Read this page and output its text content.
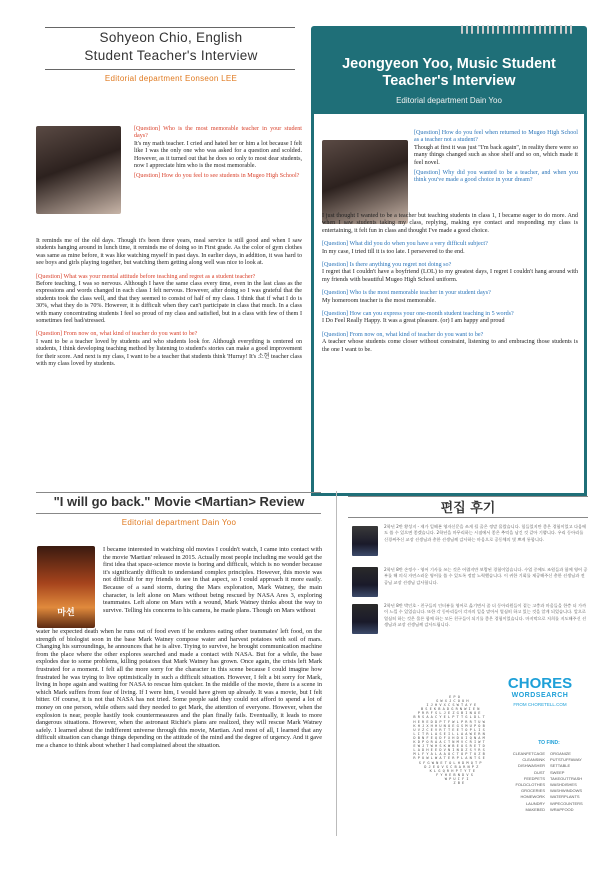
Sohyeon Chio, English
Student Teacher's Interview
Editorial department Eonseon LEE
[Question] Who is the most memorable teacher in your student days?
It's my math teacher. I cried and hated her or him a lot because I felt like I was the only one who was asked for a question and scolded. However, as it turned out that he does so only to most dear students, now I appreciate him who is the most memorable.
[Question] How do you feel to see students in Mugeo High School?
It reminds me of the old days. Though it's been three years, meal service is still good and when I saw students hanging around in lunch time, it reminds me of doing so in First grade. As the color of gym clothes was same as mine before, it was like watching myself in past days. In earlier days, in addition, it was hard to see boys and girls playing together, but watching them getting along well was nice to look at.
[Question] What was your mental attitude before teaching and regret as a student teacher?
Before teaching, I was so nervous. Although I have the same class every time, even in the last class as the expressions and words changed in each class I felt nervous. However, after doing so I was grateful that the students took the class well, and that they seemed to consist of half of my class. I think that if what I do is 30%, what they do is 70%. However, it is difficult when they can't participate in class that much. In a class with many concentrating students I feel so proud of my class and satisfied, but in a class with few of them I sometimes feel bad/stressed.
[Question] From now on, what kind of teacher do you want to be?
I want to be a teacher loved by students and who students look for. Although everything is centered on students, I think developing teaching method by listening to student's stories can make a good improvement for their score. And next is my class, I want to be a teacher that students think 'Hurray! It's 소현 teacher class with my class loved by students.
Jeongyeon Yoo, Music Student
Teacher's Interview
Editorial department Dain Yoo
[Question] How do you feel when returned to Mugeo High School as a teacher not a student?
Though at first it was just "I'm back again", in reality there were so many things changed such as shoe shelf and so on, which made it feel novel.
[Question] Why did you wanted to be a teacher, and when you think you've made a good choice in your dream?
I just thought I wanted to be a teacher but teaching students in class 1, I became eager to do more. And when I saw students taking my class, replying, making eye contact and responding my class is entertaining, it felt fun in class and thought I've made a good choice.
[Question] What did you do when you have a very difficult subject?
In my case, I tried till it is too late. I persevered to the end.
[Question] Is there anything you regret not doing so?
I regret that I couldn't have a boyfriend (LOL) to my greatest days, I regret I couldn't hang around with my friends with beautiful Mugeo High School uniform.
[Question] Who is the most memorable teacher in your student days?
My homeroom teacher is the most memorable.
[Question] How can you express your one-month student teaching in 5 words?
I Do Feel Really Happy. It was a great pleasure. (or) I am happy and proud
[Question] From now on, what kind of teacher do you want to be?
A teacher whose students come closer without constraint, listening to and embracing those students is the one I want to be.
"I will go back." Movie <Martian> Review
Editorial department Dain Yoo
마션
I became interested in watching old movies I couldn't watch, I came into contact with the movie 'Martian' released in 2015. Actually most people including me would get the first idea that space-science movie is boring and difficult, which is no wonder because it's significantly difficult to understand complex principles. However, this movie was not difficult for my friends to see in that aspect, so I could approach it more easily. Because of a sand storm, during the Mars exploration, Mark Watney, the main character, is left alone on Mars without being rescued by NASA Ares 3, exploring teammates. Left alone on Mars with a wound, Mark Watney thinks about the way to survive. Telling his concerns to his camera, he made plans. Though on Mars without
water he expected death when he runs out of food even if he endures eating other teammates' left food, on the strength of biologist soon in the base Mark Watney compose water and harvest potatoes with soil of mars. Changing his surroundings, he announces that he is alive. Trying to survive, he brought communication machine from the place where the other explores searched and made a contact with NASA. But for a while, the base explodes due to some problems, killing potatoes that Mark Watney has grown. Once again, the crisis left Mark frustrated for a moment. I felt all the more sorry for the character in this scene because I could imagine how frustrated he was trying to live optimistically in such a difficult situation. However, I felt a bit sorry for Mark, living in hope again and waiting for NASA to rescue him quicker. In the middle of the movie, there is a scene in which Mark suffers from fear of living. If I were him, I would have given up already. It was a movie, but I felt bitter. Of course, it is not that NASA has not tried. Some people said they could not afford to spend a lot of money on one person, while others said they needed to get Mark, the attention of everyone. However, when the explosion is near, people hastily took countermeasures and the plan finally fails. Eventually, it leads to more dangerous situations. However, when the astronaut Richie's plans are realized, they will rescue Mark Watney safely. I learned about the indifferent universe through this movie, Martian. And most of all, I learned that any difficult situation can change things depending on the attitude of the mind and the degree of urgency. And it gave me a chance to think about whether I had complained about the situation.
편집 후기
2학년 2반 황성지 - 제가 일해본 영자신문을 쓰게 될 줄은 정말 몰랐습니다. 힘들었지만 좋은 경험이었고 다음에도 쓸 수 있으면 좋겠습니다. 2학년을 마무리하는 시점에서 좋은 추억을 남긴 것 같아 기쁩니다. 우리 동아리를 신경써주신 교장 선생님과 총한 선생님께 감사하는 마음으로 공동체의 빛 쁘게 통합니다.
2학년 8반 손정수 - 영어 기사를 쓰는 것은 어렵지만 보람된 경험이었습니다. 수업 중에도 조원들과 함께 영어 공부를 해 의식 자연스러운 영어를 쓸 수 있도록 정말 노력했습니다. 이 귀한 기회를 제공해주신 총한 선생님과 전공님 교장 선생님 감사합니다.
2학년 8반 박인호 - 친구들의 인터뷰를 영어로 옮기면서 좀 더 동아리원들이 곁는 고충과 마음들을 한층 더 가까이 느낄 수 있었습니다. 또한 각 동아리들이 각자의 일을 맡아서 열심히 하고 있는 것을 알게 되었습니다. 앞으로 열심히 하는 것은 물론 함께 하는 모든 친구들이 되기를 좋은 경험이었습니다. 마지막으로 저희를 지도해주신 선생님과 교장 선생님께 감사드립니다.
CHORES
WORDSEARCH
FROM CHORETELL.COM
E P O
G W X J C O U H
I J H V X C S W T A Y E
B S E K B A D G R N W I E N
P R R F S L J E Z G B I N O E
B R S A A C Y E L P T T G L D L T
H E R E D D P T F W L P R R T U W
K H J X H H U N O E G S M U P O B
U V Z C E V R T T E E T O P L I S
L I T R L A S E I L L A A W E R N
D B N F E Q D F X H D U I Q N A M
K D P O R A A C T N M V C R I W T
E W J T W H S K W B E O S R E T D
L A D H E E D V N I N D Z S Y R S
M L F Y A L A A O C T O P T U Z B
R P U W L W A T E R P L A N T S E
S F G W N E T O L H D M Q T P
D J E O V S C B A R N P Z
K L G Q R H P T Y T E
F Y H E B N D V S
W P U I F I
Z B E
TO FIND:
CLEANFETCAGE
CLEANSINK
DISHWASHER
DUST
FEEDPETS
FOLDCLOTHES
GROCERIES
HOMEWORK
LAUNDRY
MAKEBED
ORGANIZE
PUTSTUFFAWAY
SETTABLE
SWEEP
TAKEOUTTRASH
WASHDISHES
WASHWINDOWS
WATERPLANTS
WIPECOUNTERS
WRAPFOOD
